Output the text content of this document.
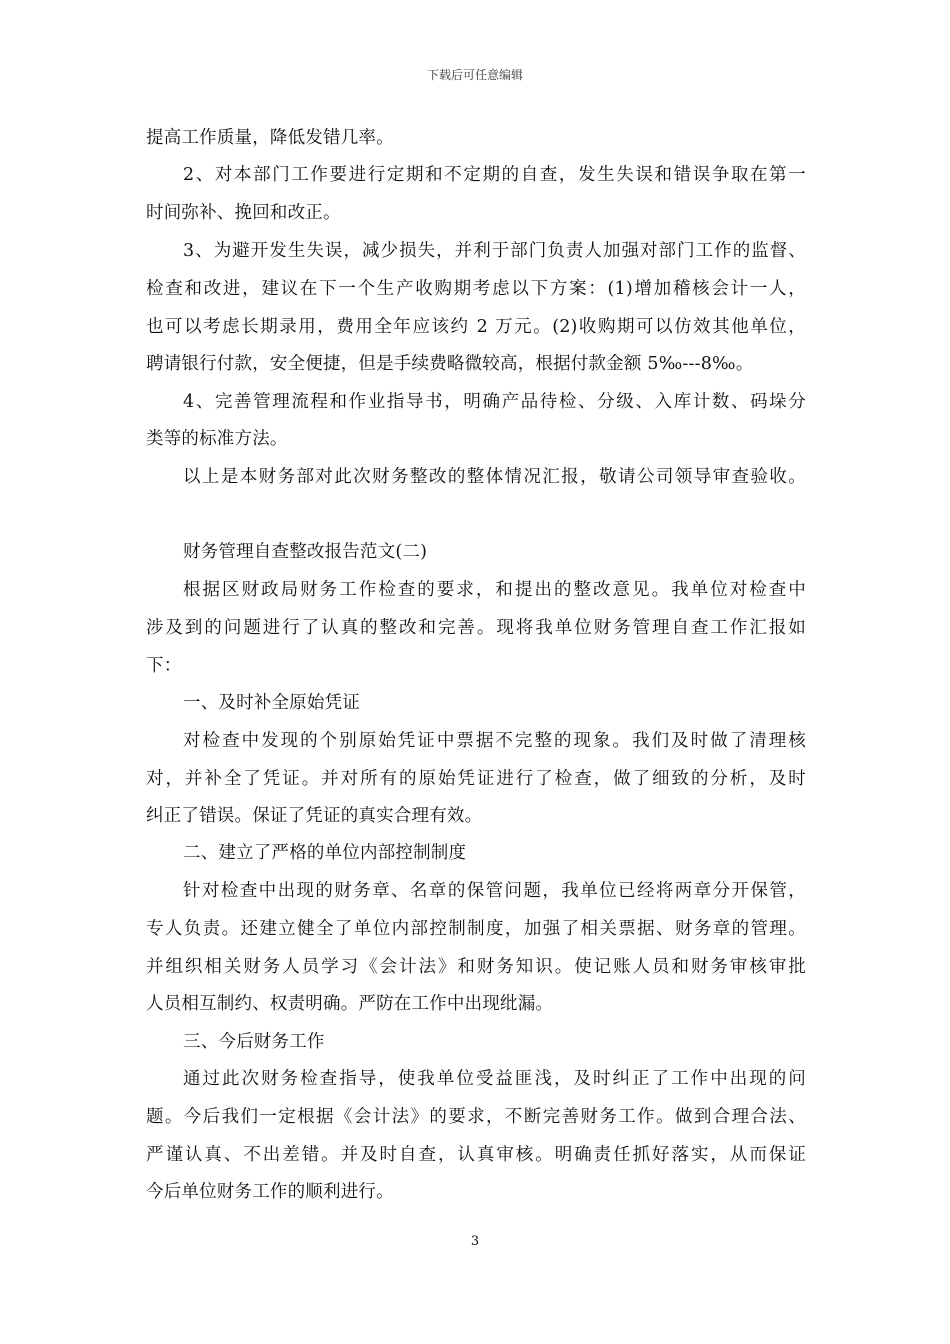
下载后可任意编辑
提高工作质量，降低发错几率。
2、对本部门工作要进行定期和不定期的自查，发生失误和错误争取在第一
时间弥补、挽回和改正。
3、为避开发生失误，减少损失，并利于部门负责人加强对部门工作的监督、
检查和改进，建议在下一个生产收购期考虑以下方案：(1)增加稽核会计一人，
也可以考虑长期录用，费用全年应该约 2 万元。(2)收购期可以仿效其他单位，
聘请银行付款，安全便捷，但是手续费略微较高，根据付款金额 5‰---8‰。
4、完善管理流程和作业指导书，明确产品待检、分级、入库计数、码垛分
类等的标准方法。
以上是本财务部对此次财务整改的整体情况汇报，敬请公司领导审查验收。
财务管理自查整改报告范文(二)
根据区财政局财务工作检查的要求，和提出的整改意见。我单位对检查中
涉及到的问题进行了认真的整改和完善。现将我单位财务管理自查工作汇报如
下：
一、及时补全原始凭证
对检查中发现的个别原始凭证中票据不完整的现象。我们及时做了清理核
对，并补全了凭证。并对所有的原始凭证进行了检查，做了细致的分析，及时
纠正了错误。保证了凭证的真实合理有效。
二、建立了严格的单位内部控制制度
针对检查中出现的财务章、名章的保管问题，我单位已经将两章分开保管，
专人负责。还建立健全了单位内部控制制度，加强了相关票据、财务章的管理。
并组织相关财务人员学习《会计法》和财务知识。使记账人员和财务审核审批
人员相互制约、权责明确。严防在工作中出现纰漏。
三、今后财务工作
通过此次财务检查指导，使我单位受益匪浅，及时纠正了工作中出现的问
题。今后我们一定根据《会计法》的要求，不断完善财务工作。做到合理合法、
严谨认真、不出差错。并及时自查，认真审核。明确责任抓好落实，从而保证
今后单位财务工作的顺利进行。
3
